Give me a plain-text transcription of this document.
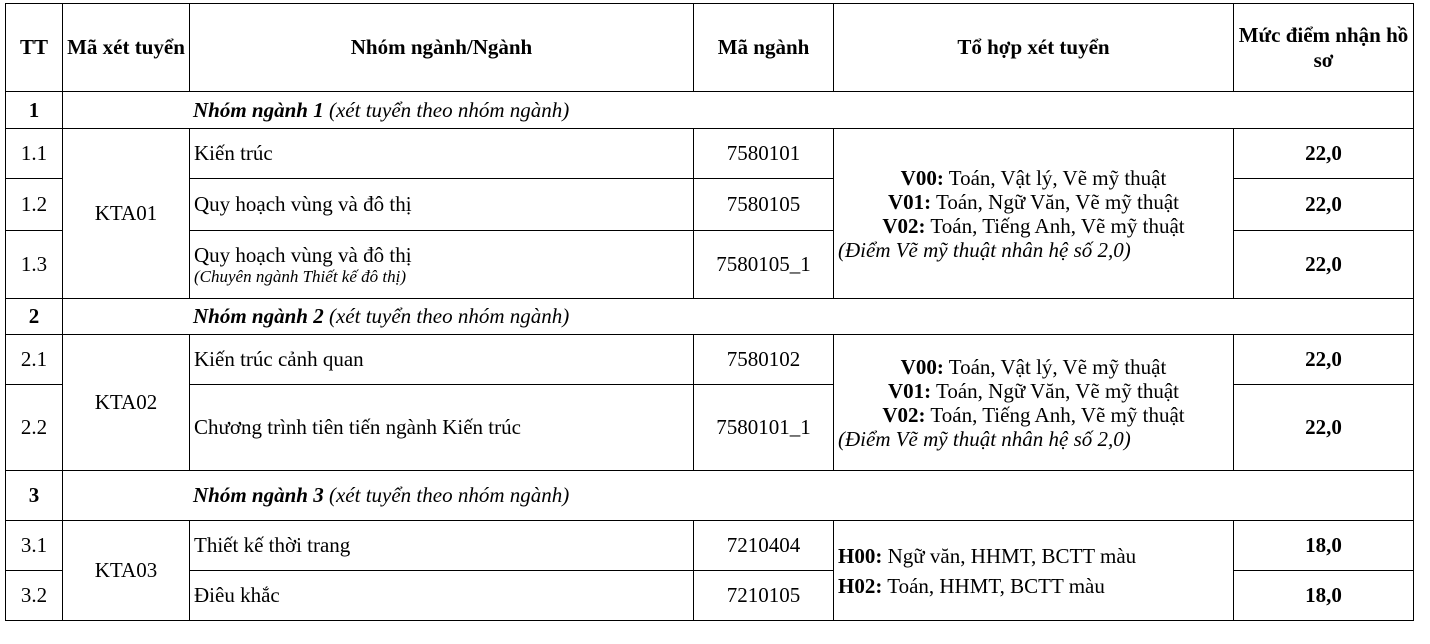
TT	Mã xét tuyển	Nhóm ngành/Ngành	Mã ngành	Tổ hợp xét tuyển	Mức điểm nhận hồ sơ
1	Nhóm ngành 1 (xét tuyển theo nhóm ngành)				
1.1	KTA01	Kiến trúc	7580101	V00: Toán, Vật lý, Vẽ mỹ thuật
V01: Toán, Ngữ Văn, Vẽ mỹ thuật
V02: Toán, Tiếng Anh, Vẽ mỹ thuật
(Điểm Vẽ mỹ thuật nhân hệ số 2,0)	22,0
1.2		Quy hoạch vùng và đô thị	7580105		22,0
1.3		Quy hoạch vùng và đô thị
(Chuyên ngành Thiết kế đô thị)	7580105_1		22,0
2	Nhóm ngành 2 (xét tuyển theo nhóm ngành)				
2.1	KTA02	Kiến trúc cảnh quan	7580102	V00: Toán, Vật lý, Vẽ mỹ thuật
V01: Toán, Ngữ Văn, Vẽ mỹ thuật
V02: Toán, Tiếng Anh, Vẽ mỹ thuật
(Điểm Vẽ mỹ thuật nhân hệ số 2,0)	22,0
2.2		Chương trình tiên tiến ngành Kiến trúc	7580101_1		22,0
3	Nhóm ngành 3 (xét tuyển theo nhóm ngành)				
3.1	KTA03	Thiết kế thời trang	7210404	H00: Ngữ văn, HHMT, BCTT màu
H02: Toán, HHMT, BCTT màu	18,0
3.2		Điêu khắc	7210105		18,0
